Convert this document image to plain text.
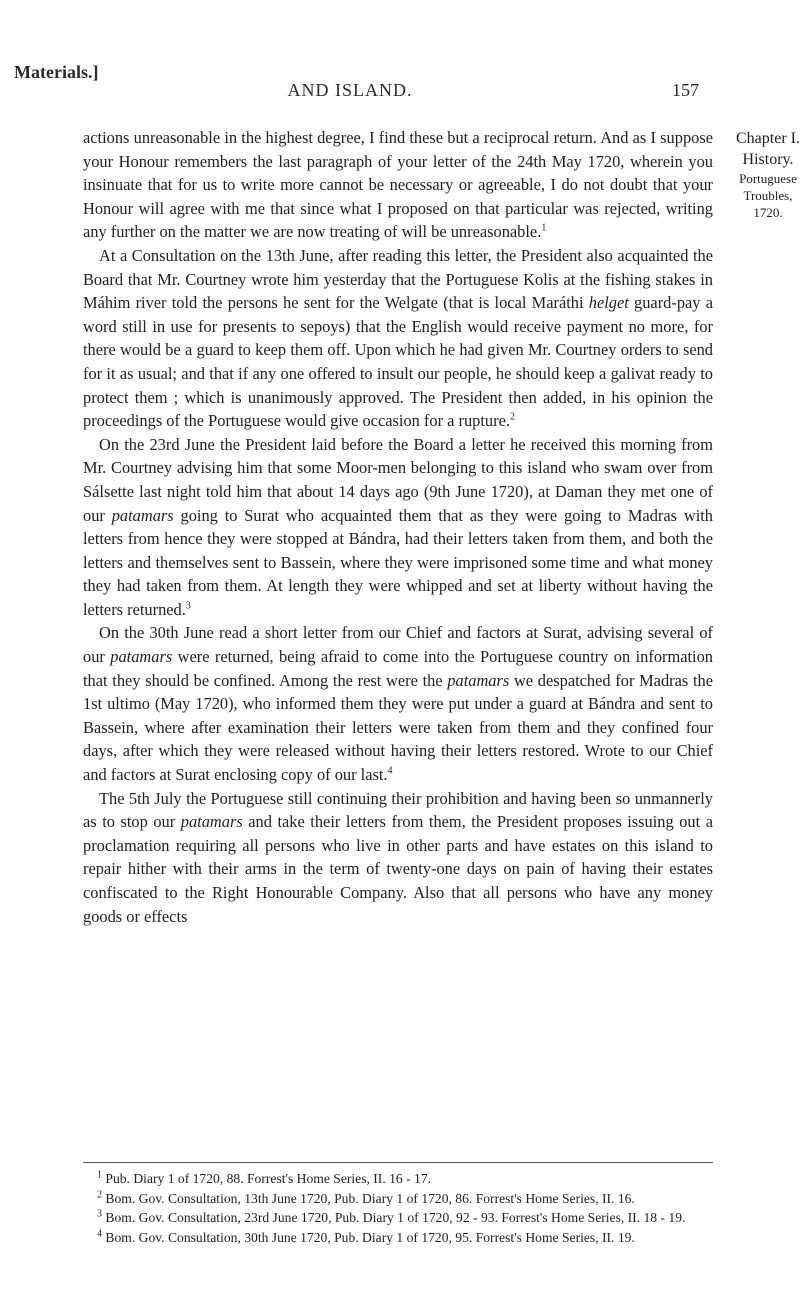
Materials.]
AND ISLAND.	157

actions unreasonable in the highest degree, I find these but a reciprocal return. And as I suppose your Honour remembers the last paragraph of your letter of the 24th May 1720, wherein you insinuate that for us to write more cannot be necessary or agreeable, I do not doubt that your Honour will agree with me that since what I proposed on that particular was rejected, writing any further on the matter we are now treating of will be unreasonable.$^1$

At a Consultation on the 13th June, after reading this letter, the President also acquainted the Board that Mr. Courtney wrote him yesterday that the Portuguese Kolis at the fishing stakes in Máhim river told the persons he sent for the Welgate (that is local Maráthi helget guard-pay a word still in use for presents to sepoys) that the English would receive payment no more, for there would be a guard to keep them off. Upon which he had given Mr. Courtney orders to send for it as usual; and that if any one offered to insult our people, he should keep a galivat ready to protect them ; which is unanimously approved. The President then added, in his opinion the proceedings of the Portuguese would give occasion for a rupture.$^2$

On the 23rd June the President laid before the Board a letter he received this morning from Mr. Courtney advising him that some Moor-men belonging to this island who swam over from Sálsette last night told him that about 14 days ago (9th June 1720), at Daman they met one of our patamars going to Surat who acquainted them that as they were going to Madras with letters from hence they were stopped at Bándra, had their letters taken from them, and both the letters and themselves sent to Bassein, where they were imprisoned some time and what money they had taken from them. At length they were whipped and set at liberty without having the letters returned.$^3$

On the 30th June read a short letter from our Chief and factors at Surat, advising several of our patamars were returned, being afraid to come into the Portuguese country on information that they should be confined. Among the rest were the patamars we despatched for Madras the 1st ultimo (May 1720), who informed them they were put under a guard at Bándra and sent to Bassein, where after examination their letters were taken from them and they confined four days, after which they were released without having their letters restored. Wrote to our Chief and factors at Surat enclosing copy of our last.$^4$

The 5th July the Portuguese still continuing their prohibition and having been so unmannerly as to stop our patamars and take their letters from them, the President proposes issuing out a proclamation requiring all persons who live in other parts and have estates on this island to repair hither with their arms in the term of twenty-one days on pain of having their estates confiscated to the Right Honourable Company. Also that all persons who have any money goods or effects

Chapter I.
History.
Portuguese
Troubles,
1720.

$^1$ Pub. Diary 1 of 1720, 88. Forrest's Home Series, II. 16 - 17.

$^2$ Bom. Gov. Consultation, 13th June 1720, Pub. Diary 1 of 1720, 86. Forrest's Home Series, II. 16.

$^3$ Bom. Gov. Consultation, 23rd June 1720, Pub. Diary 1 of 1720, 92 - 93. Forrest's Home Series, II. 18 - 19.

$^4$ Bom. Gov. Consultation, 30th June 1720, Pub. Diary 1 of 1720, 95. Forrest's Home Series, II. 19.
